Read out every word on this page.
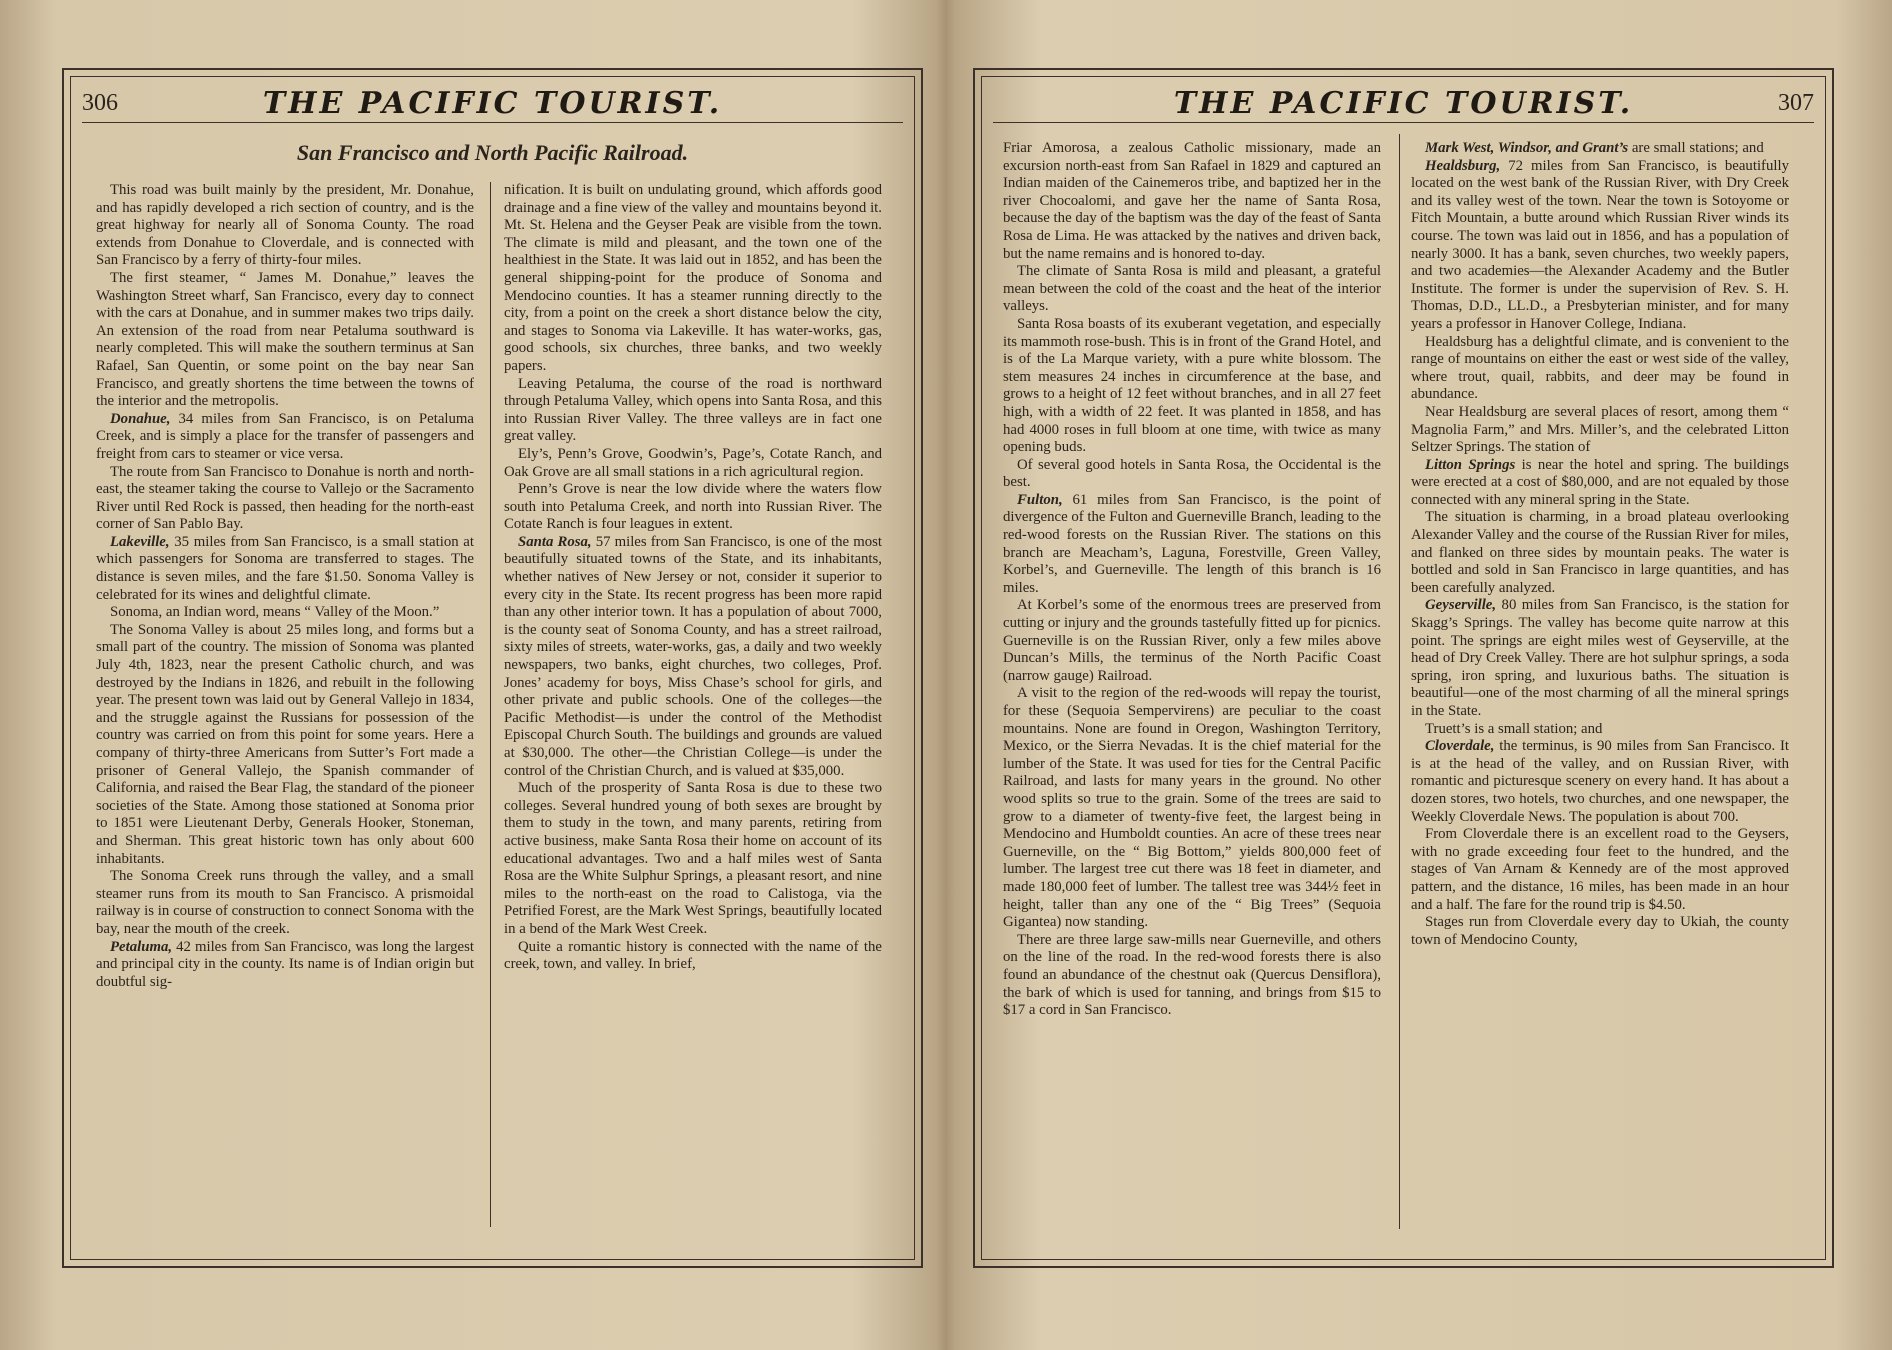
306	THE PACIFIC TOURIST.
San Francisco and North Pacific Railroad.

This road was built mainly by the president, Mr. Donahue, and has rapidly developed a rich section of country, and is the great highway for nearly all of Sonoma County. The road extends from Donahue to Cloverdale, and is connected with San Francisco by a ferry of thirty-four miles.

The first steamer, “ James M. Donahue,” leaves the Washington Street wharf, San Francisco, every day to connect with the cars at Donahue, and in summer makes two trips daily. An extension of the road from near Petaluma southward is nearly completed. This will make the southern terminus at San Rafael, San Quentin, or some point on the bay near San Francisco, and greatly shortens the time between the towns of the interior and the metropolis.

Donahue, 34 miles from San Francisco, is on Petaluma Creek, and is simply a place for the transfer of passengers and freight from cars to steamer or vice versa.

The route from San Francisco to Donahue is north and north-east, the steamer taking the course to Vallejo or the Sacramento River until Red Rock is passed, then heading for the north-east corner of San Pablo Bay.

Lakeville, 35 miles from San Francisco, is a small station at which passengers for Sonoma are transferred to stages. The distance is seven miles, and the fare $1.50. Sonoma Valley is celebrated for its wines and delightful climate.

Sonoma, an Indian word, means “ Valley of the Moon.”

The Sonoma Valley is about 25 miles long, and forms but a small part of the country. The mission of Sonoma was planted July 4th, 1823, near the present Catholic church, and was destroyed by the Indians in 1826, and rebuilt in the following year. The present town was laid out by General Vallejo in 1834, and the struggle against the Russians for possession of the country was carried on from this point for some years. Here a company of thirty-three Americans from Sutter’s Fort made a prisoner of General Vallejo, the Spanish commander of California, and raised the Bear Flag, the standard of the pioneer societies of the State. Among those stationed at Sonoma prior to 1851 were Lieutenant Derby, Generals Hooker, Stoneman, and Sherman. This great historic town has only about 600 inhabitants.

The Sonoma Creek runs through the valley, and a small steamer runs from its mouth to San Francisco. A prismoidal railway is in course of construction to connect Sonoma with the bay, near the mouth of the creek.

Petaluma, 42 miles from San Francisco, was long the largest and principal city in the county. Its name is of Indian origin but doubtful sig-

nification. It is built on undulating ground, which affords good drainage and a fine view of the valley and mountains beyond it. Mt. St. Helena and the Geyser Peak are visible from the town. The climate is mild and pleasant, and the town one of the healthiest in the State. It was laid out in 1852, and has been the general shipping-point for the produce of Sonoma and Mendocino counties. It has a steamer running directly to the city, from a point on the creek a short distance below the city, and stages to Sonoma via Lakeville. It has water-works, gas, good schools, six churches, three banks, and two weekly papers.

Leaving Petaluma, the course of the road is northward through Petaluma Valley, which opens into Santa Rosa, and this into Russian River Valley. The three valleys are in fact one great valley.

Ely’s, Penn’s Grove, Goodwin’s, Page’s, Cotate Ranch, and Oak Grove are all small stations in a rich agricultural region.

Penn’s Grove is near the low divide where the waters flow south into Petaluma Creek, and north into Russian River. The Cotate Ranch is four leagues in extent.

Santa Rosa, 57 miles from San Francisco, is one of the most beautifully situated towns of the State, and its inhabitants, whether natives of New Jersey or not, consider it superior to every city in the State. Its recent progress has been more rapid than any other interior town. It has a population of about 7000, is the county seat of Sonoma County, and has a street railroad, sixty miles of streets, water-works, gas, a daily and two weekly newspapers, two banks, eight churches, two colleges, Prof. Jones’ academy for boys, Miss Chase’s school for girls, and other private and public schools. One of the colleges—the Pacific Methodist—is under the control of the Methodist Episcopal Church South. The buildings and grounds are valued at $30,000. The other—the Christian College—is under the control of the Christian Church, and is valued at $35,000.

Much of the prosperity of Santa Rosa is due to these two colleges. Several hundred young of both sexes are brought by them to study in the town, and many parents, retiring from active business, make Santa Rosa their home on account of its educational advantages. Two and a half miles west of Santa Rosa are the White Sulphur Springs, a pleasant resort, and nine miles to the north-east on the road to Calistoga, via the Petrified Forest, are the Mark West Springs, beautifully located in a bend of the Mark West Creek.

Quite a romantic history is connected with the name of the creek, town, and valley. In brief,

307
THE PACIFIC TOURIST.

Friar Amorosa, a zealous Catholic missionary, made an excursion north-east from San Rafael in 1829 and captured an Indian maiden of the Cainemeros tribe, and baptized her in the river Chocoalomi, and gave her the name of Santa Rosa, because the day of the baptism was the day of the feast of Santa Rosa de Lima. He was attacked by the natives and driven back, but the name remains and is honored to-day.

The climate of Santa Rosa is mild and pleasant, a grateful mean between the cold of the coast and the heat of the interior valleys.

Santa Rosa boasts of its exuberant vegetation, and especially its mammoth rose-bush. This is in front of the Grand Hotel, and is of the La Marque variety, with a pure white blossom. The stem measures 24 inches in circumference at the base, and grows to a height of 12 feet without branches, and in all 27 feet high, with a width of 22 feet. It was planted in 1858, and has had 4000 roses in full bloom at one time, with twice as many opening buds.

Of several good hotels in Santa Rosa, the Occidental is the best.

Fulton, 61 miles from San Francisco, is the point of divergence of the Fulton and Guerneville Branch, leading to the red-wood forests on the Russian River. The stations on this branch are Meacham’s, Laguna, Forestville, Green Valley, Korbel’s, and Guerneville. The length of this branch is 16 miles.

At Korbel’s some of the enormous trees are preserved from cutting or injury and the grounds tastefully fitted up for picnics. Guerneville is on the Russian River, only a few miles above Duncan’s Mills, the terminus of the North Pacific Coast (narrow gauge) Railroad.

A visit to the region of the red-woods will repay the tourist, for these (Sequoia Sempervirens) are peculiar to the coast mountains. None are found in Oregon, Washington Territory, Mexico, or the Sierra Nevadas. It is the chief material for the lumber of the State. It was used for ties for the Central Pacific Railroad, and lasts for many years in the ground. No other wood splits so true to the grain. Some of the trees are said to grow to a diameter of twenty-five feet, the largest being in Mendocino and Humboldt counties. An acre of these trees near Guerneville, on the “ Big Bottom,” yields 800,000 feet of lumber. The largest tree cut there was 18 feet in diameter, and made 180,000 feet of lumber. The tallest tree was 344½ feet in height, taller than any one of the “ Big Trees” (Sequoia Gigantea) now standing.

There are three large saw-mills near Guerneville, and others on the line of the road. In the red-wood forests there is also found an abundance of the chestnut oak (Quercus Densiflora), the bark of which is used for tanning, and brings from $15 to $17 a cord in San Francisco.

Mark West, Windsor, and Grant’s are small stations; and

Healdsburg, 72 miles from San Francisco, is beautifully located on the west bank of the Russian River, with Dry Creek and its valley west of the town. Near the town is Sotoyome or Fitch Mountain, a butte around which Russian River winds its course. The town was laid out in 1856, and has a population of nearly 3000. It has a bank, seven churches, two weekly papers, and two academies—the Alexander Academy and the Butler Institute. The former is under the supervision of Rev. S. H. Thomas, D.D., LL.D., a Presbyterian minister, and for many years a professor in Hanover College, Indiana.

Healdsburg has a delightful climate, and is convenient to the range of mountains on either the east or west side of the valley, where trout, quail, rabbits, and deer may be found in abundance.

Near Healdsburg are several places of resort, among them “ Magnolia Farm,” and Mrs. Miller’s, and the celebrated Litton Seltzer Springs. The station of

Litton Springs is near the hotel and spring. The buildings were erected at a cost of $80,000, and are not equaled by those connected with any mineral spring in the State.

The situation is charming, in a broad plateau overlooking Alexander Valley and the course of the Russian River for miles, and flanked on three sides by mountain peaks. The water is bottled and sold in San Francisco in large quantities, and has been carefully analyzed.

Geyserville, 80 miles from San Francisco, is the station for Skagg’s Springs. The valley has become quite narrow at this point. The springs are eight miles west of Geyserville, at the head of Dry Creek Valley. There are hot sulphur springs, a soda spring, iron spring, and luxurious baths. The situation is beautiful—one of the most charming of all the mineral springs in the State.

Truett’s is a small station; and

Cloverdale, the terminus, is 90 miles from San Francisco. It is at the head of the valley, and on Russian River, with romantic and picturesque scenery on every hand. It has about a dozen stores, two hotels, two churches, and one newspaper, the Weekly Cloverdale News. The population is about 700.

From Cloverdale there is an excellent road to the Geysers, with no grade exceeding four feet to the hundred, and the stages of Van Arnam & Kennedy are of the most approved pattern, and the distance, 16 miles, has been made in an hour and a half. The fare for the round trip is $4.50.

Stages run from Cloverdale every day to Ukiah, the county town of Mendocino County,
